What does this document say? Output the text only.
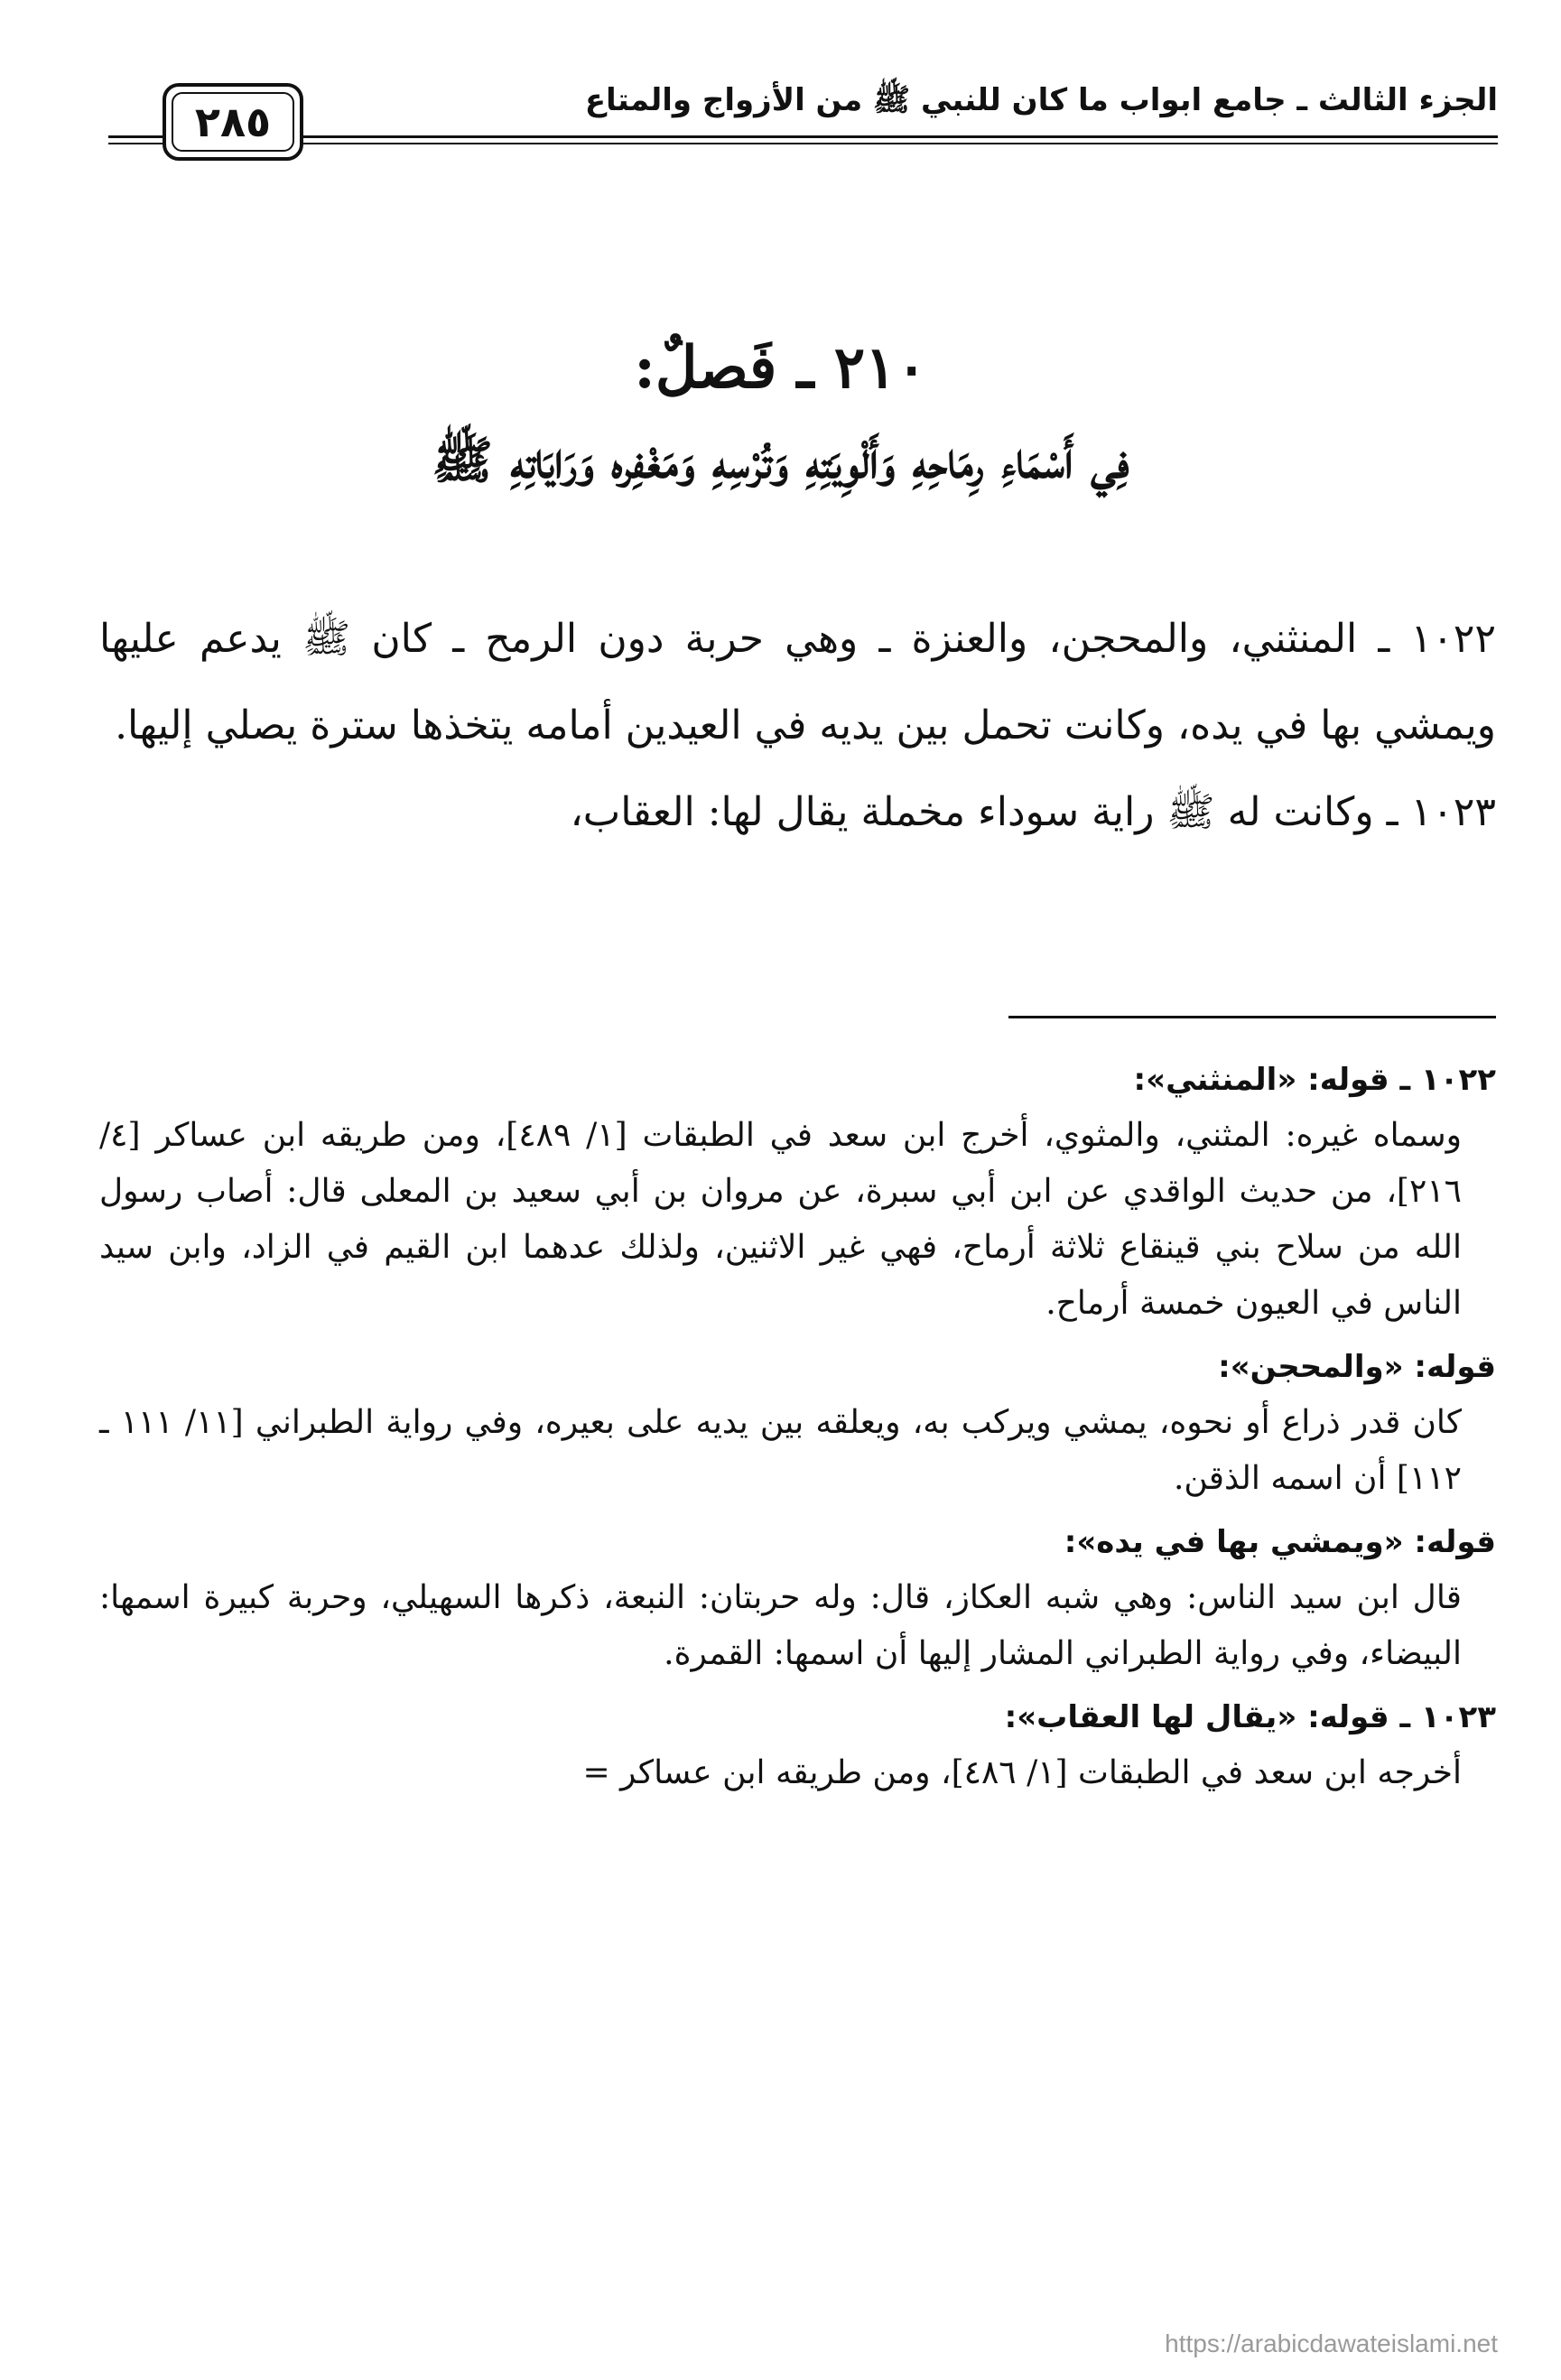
الجزء الثالث ـ جامع ابواب ما كان للنبي ﷺ من الأزواج والمتاع
٢٨٥
٢١٠ ـ فَصلٌ:
فِي أَسْمَاءِ رِمَاحِهِ وَأَلْوِيَتِهِ وَتُرْسِهِ وَمَغْفِره وَرَايَاتِهِ ﷺ

١٠٢٢ ـ المنثني، والمحجن، والعنزة ـ وهي حربة دون الرمح ـ كان ﷺ يدعم عليها ويمشي بها في يده، وكانت تحمل بين يديه في العيدين أمامه يتخذها سترة يصلي إليها.

١٠٢٣ ـ وكانت له ﷺ راية سوداء مخملة يقال لها: العقاب،

١٠٢٢ ـ قوله: «المنثني»:

وسماه غيره: المثني، والمثوي، أخرج ابن سعد في الطبقات [١/ ٤٨٩]، ومن طريقه ابن عساكر [٤/ ٢١٦]، من حديث الواقدي عن ابن أبي سبرة، عن مروان بن أبي سعيد بن المعلى قال: أصاب رسول الله من سلاح بني قينقاع ثلاثة أرماح، فهي غير الاثنين، ولذلك عدهما ابن القيم في الزاد، وابن سيد الناس في العيون خمسة أرماح.

قوله: «والمحجن»:

كان قدر ذراع أو نحوه، يمشي ويركب به، ويعلقه بين يديه على بعيره، وفي رواية الطبراني [١١/ ١١١ ـ ١١٢] أن اسمه الذقن.

قوله: «ويمشي بها في يده»:

قال ابن سيد الناس: وهي شبه العكاز، قال: وله حربتان: النبعة، ذكرها السهيلي، وحربة كبيرة اسمها: البيضاء، وفي رواية الطبراني المشار إليها أن اسمها: القمرة.

١٠٢٣ ـ قوله: «يقال لها العقاب»:

أخرجه ابن سعد في الطبقات [١/ ٤٨٦]، ومن طريقه ابن عساكر =

https://arabicdawateislami.net
